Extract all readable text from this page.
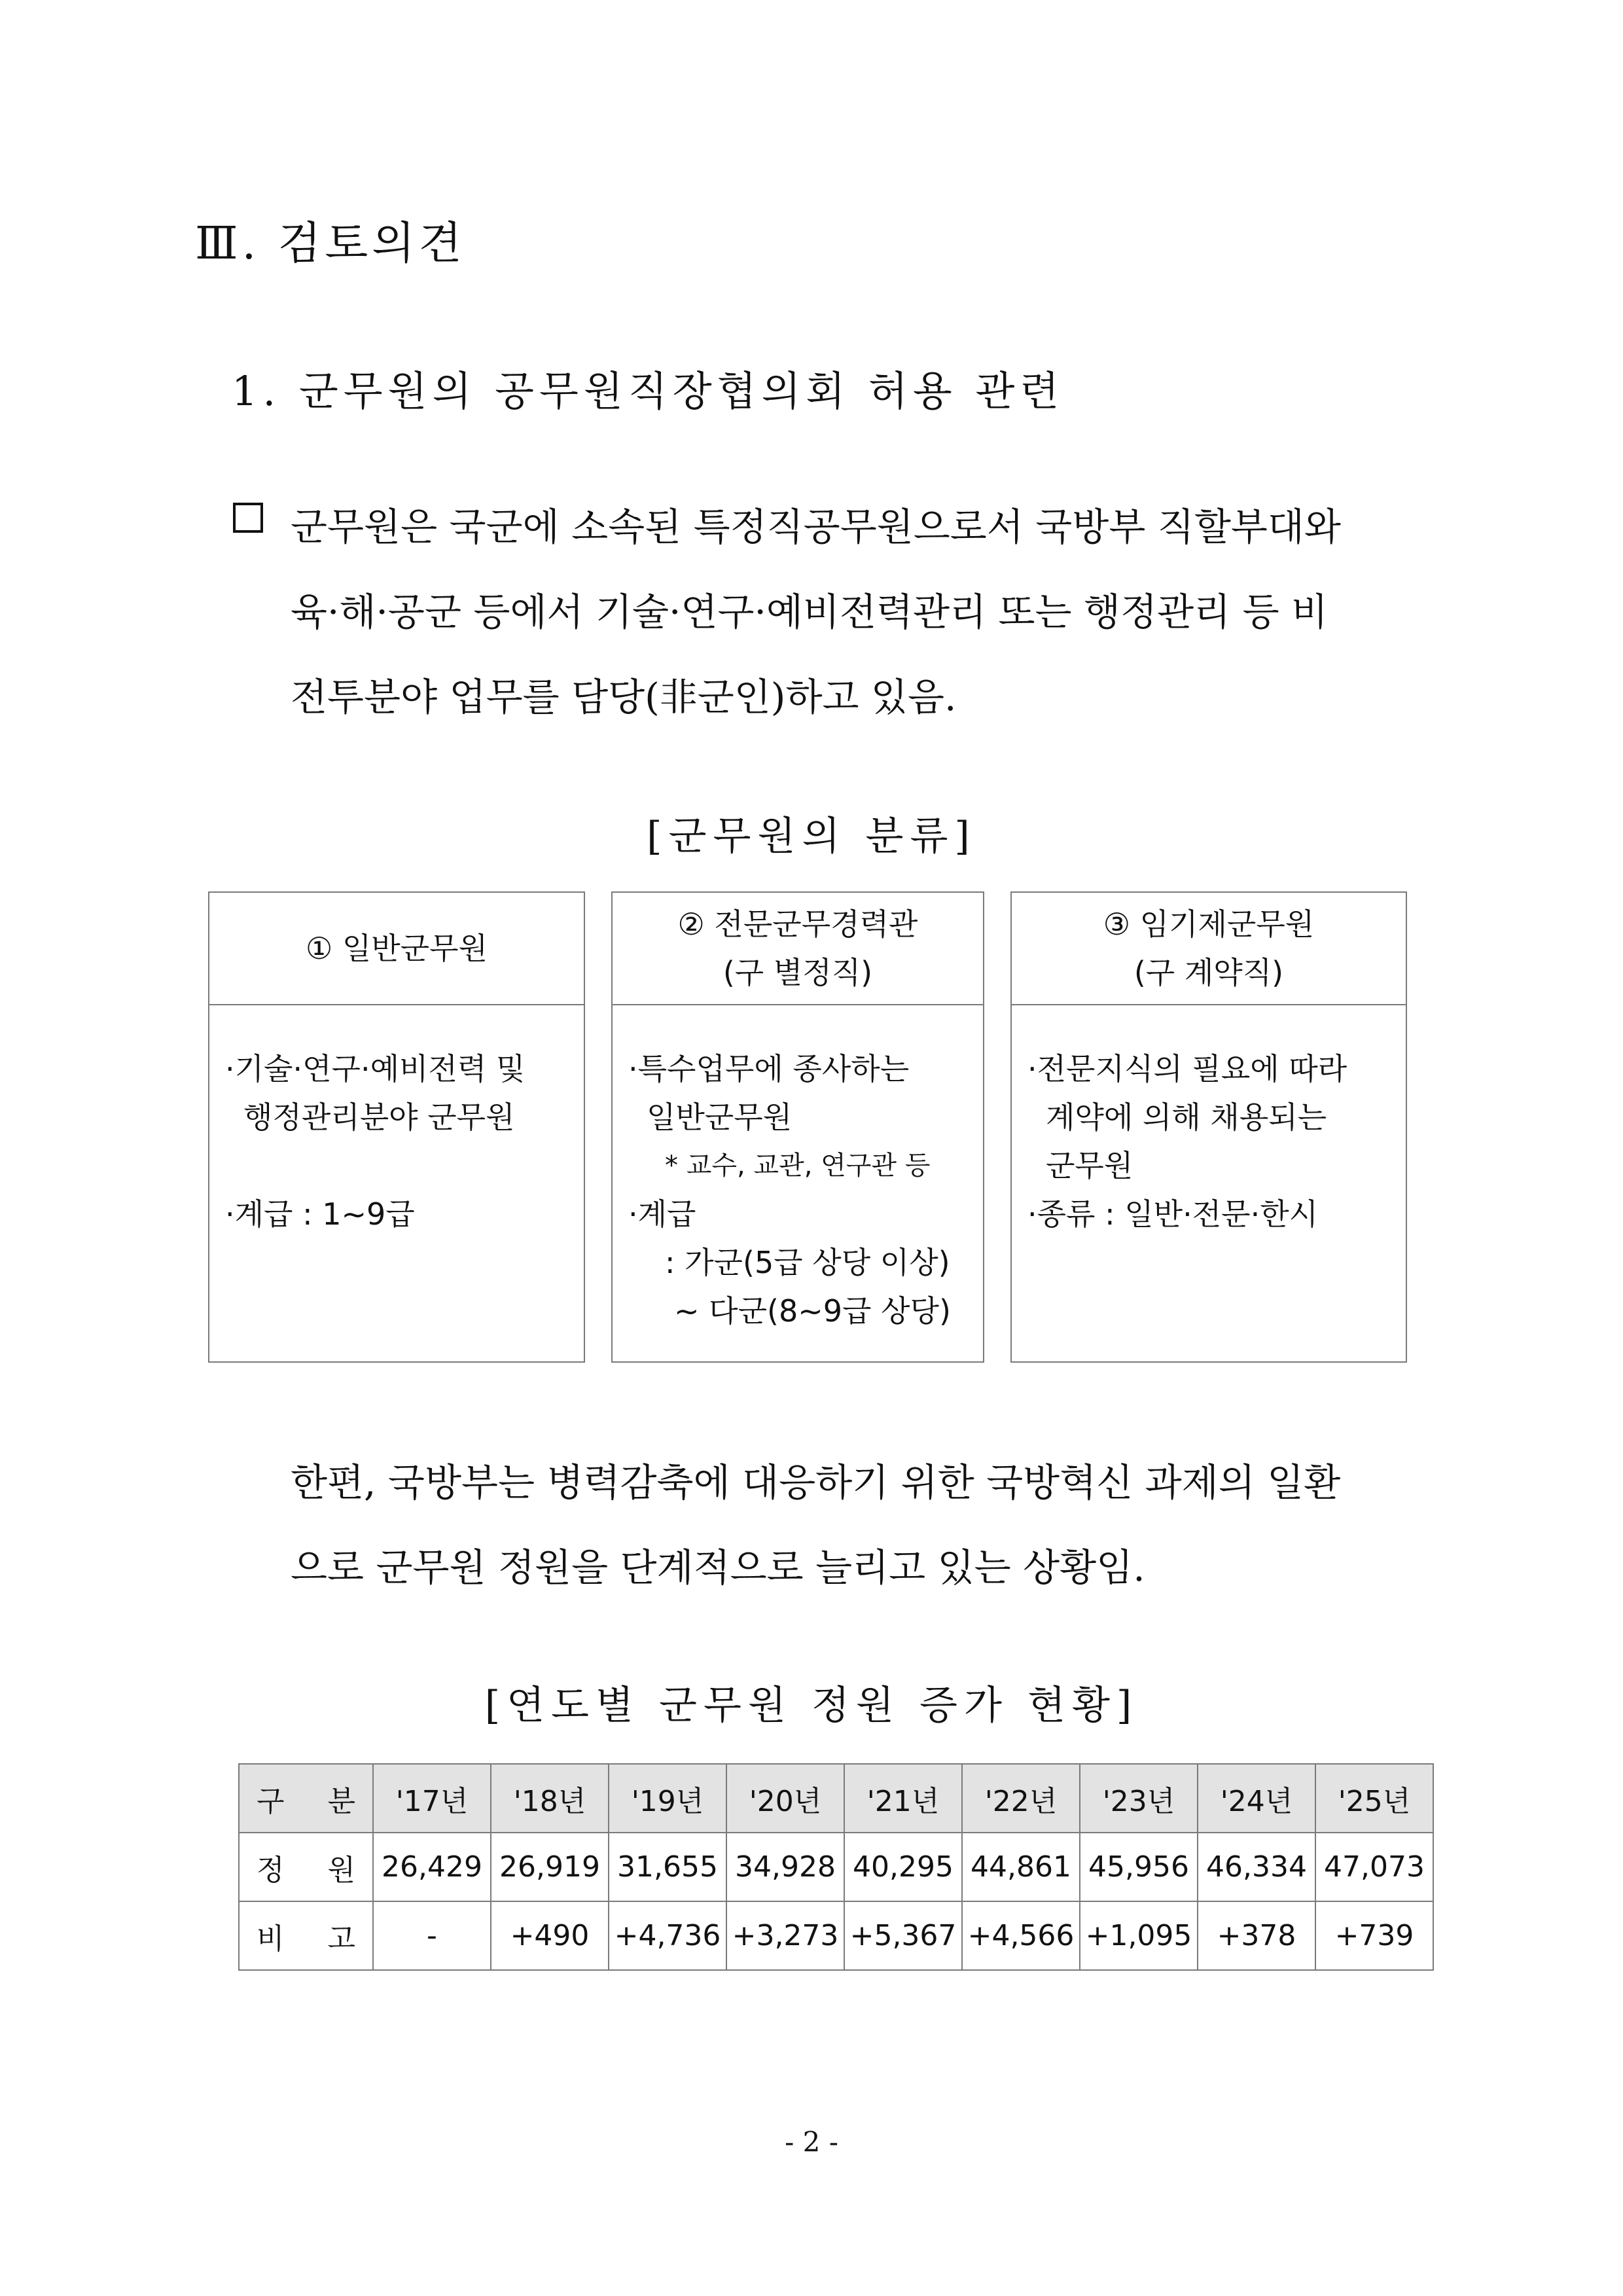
Ⅲ. 검토의견
1. 군무원의 공무원직장협의회 허용 관련
군무원은 국군에 소속된 특정직공무원으로서 국방부 직할부대와
육·해·공군 등에서 기술·연구·예비전력관리 또는 행정관리 등 비
전투분야 업무를 담당(非군인)하고 있음.
[군무원의 분류]
① 일반군무원
·기술·연구·예비전력 및
행정관리분야 군무원
·계급 : 1~9급
② 전문군무경력관
(구 별정직)
·특수업무에 종사하는
일반군무원
* 교수, 교관, 연구관 등
·계급
: 가군(5급 상당 이상)
~ 다군(8~9급 상당)
③ 임기제군무원
(구 계약직)
·전문지식의 필요에 따라
계약에 의해 채용되는
군무원
·종류 : 일반·전문·한시
한편, 국방부는 병력감축에 대응하기 위한 국방혁신 과제의 일환
으로 군무원 정원을 단계적으로 늘리고 있는 상황임.
[연도별 군무원 정원 증가 현황]
구 분	'17년	'18년	'19년	'20년	'21년	'22년	'23년	'24년	'25년
정 원	26,429	26,919	31,655	34,928	40,295	44,861	45,956	46,334	47,073
비 고	-	+490	+4,736	+3,273	+5,367	+4,566	+1,095	+378	+739
- 2 -
